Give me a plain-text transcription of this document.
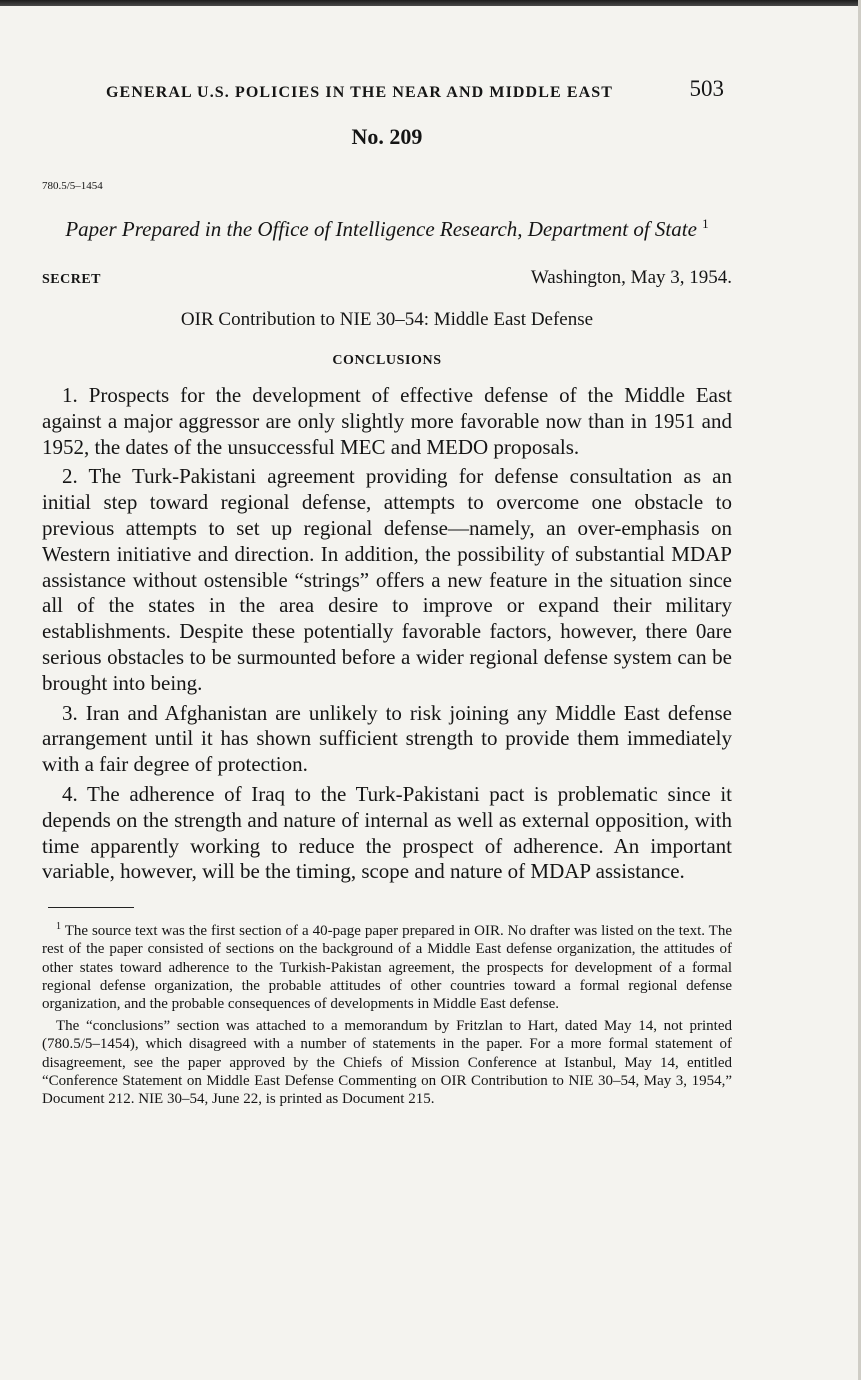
GENERAL U.S. POLICIES IN THE NEAR AND MIDDLE EAST	503
No. 209
780.5/5–1454
Paper Prepared in the Office of Intelligence Research, Department of State $^1$
SECRET	Washington, May 3, 1954.
OIR Contribution to NIE 30–54: Middle East Defense
CONCLUSIONS

1. Prospects for the development of effective defense of the Middle East against a major aggressor are only slightly more favorable now than in 1951 and 1952, the dates of the unsuccessful MEC and MEDO proposals.

2. The Turk-Pakistani agreement providing for defense consultation as an initial step toward regional defense, attempts to overcome one obstacle to previous attempts to set up regional defense—namely, an over-emphasis on Western initiative and direction. In addition, the possibility of substantial MDAP assistance without ostensible “strings” offers a new feature in the situation since all of the states in the area desire to improve or expand their military establishments. Despite these potentially favorable factors, however, there 0are serious obstacles to be surmounted before a wider regional defense system can be brought into being.

3. Iran and Afghanistan are unlikely to risk joining any Middle East defense arrangement until it has shown sufficient strength to provide them immediately with a fair degree of protection.

4. The adherence of Iraq to the Turk-Pakistani pact is problematic since it depends on the strength and nature of internal as well as external opposition, with time apparently working to reduce the prospect of adherence. An important variable, however, will be the timing, scope and nature of MDAP assistance.

$^1$ The source text was the first section of a 40-page paper prepared in OIR. No drafter was listed on the text. The rest of the paper consisted of sections on the background of a Middle East defense organization, the attitudes of other states toward adherence to the Turkish-Pakistan agreement, the prospects for development of a formal regional defense organization, the probable attitudes of other countries toward a formal regional defense organization, and the probable consequences of developments in Middle East defense.

The “conclusions” section was attached to a memorandum by Fritzlan to Hart, dated May 14, not printed (780.5/5–1454), which disagreed with a number of statements in the paper. For a more formal statement of disagreement, see the paper approved by the Chiefs of Mission Conference at Istanbul, May 14, entitled “Conference Statement on Middle East Defense Commenting on OIR Contribution to NIE 30–54, May 3, 1954,” Document 212. NIE 30–54, June 22, is printed as Document 215.
